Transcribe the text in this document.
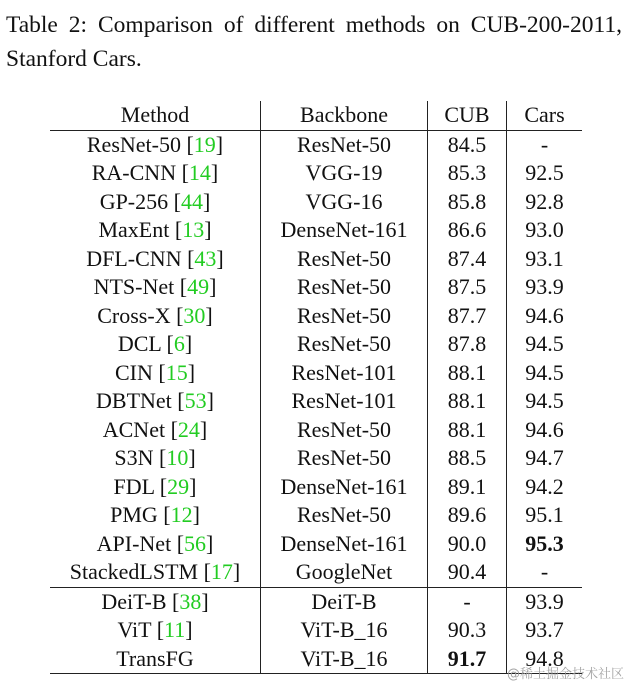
Table 2: Comparison of different methods on CUB-200-2011, Stanford Cars.
Method	Backbone	CUB	Cars
ResNet-50 [19]	ResNet-50	84.5	-
RA-CNN [14]	VGG-19	85.3	92.5
GP-256 [44]	VGG-16	85.8	92.8
MaxEnt [13]	DenseNet-161	86.6	93.0
DFL-CNN [43]	ResNet-50	87.4	93.1
NTS-Net [49]	ResNet-50	87.5	93.9
Cross-X [30]	ResNet-50	87.7	94.6
DCL [6]	ResNet-50	87.8	94.5
CIN [15]	ResNet-101	88.1	94.5
DBTNet [53]	ResNet-101	88.1	94.5
ACNet [24]	ResNet-50	88.1	94.6
S3N [10]	ResNet-50	88.5	94.7
FDL [29]	DenseNet-161	89.1	94.2
PMG [12]	ResNet-50	89.6	95.1
API-Net [56]	DenseNet-161	90.0	95.3
StackedLSTM [17]	GoogleNet	90.4	-
DeiT-B [38]	DeiT-B	-	93.9
ViT [11]	ViT-B_16	90.3	93.7
TransFG	ViT-B_16	91.7	94.8
@稀土掘金技术社区
